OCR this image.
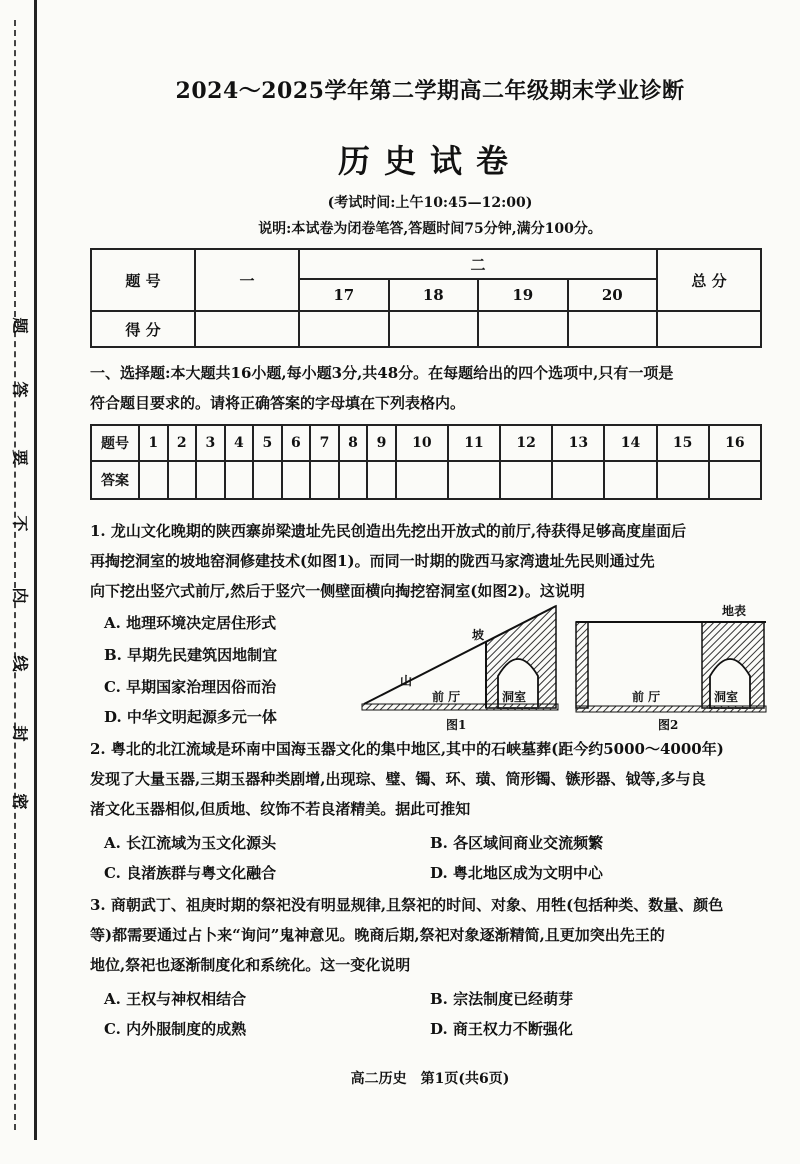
题
答
要
不
内
线
封
密
2024～2025学年第二学期高二年级期末学业诊断
历史试卷
(考试时间:上午10:45—12:00)
说明:本试卷为闭卷笔答,答题时间75分钟,满分100分。
题 号	一	二				总 分
		17	18	19	20	
得 分						
一、选择题:本大题共16小题,每小题3分,共48分。在每题给出的四个选项中,只有一项是
符合题目要求的。请将正确答案的字母填在下列表格内。
题号	1	2	3	4	5	6	7	8	9	10	11	12	13	14	15	16
答案																
1. 龙山文化晚期的陕西寨峁梁遗址先民创造出先挖出开放式的前厅,待获得足够高度崖面后
再掏挖洞室的坡地窑洞修建技术(如图1)。而同一时期的陇西马家湾遗址先民则通过先
向下挖出竖穴式前厅,然后于竖穴一侧壁面横向掏挖窑洞室(如图2)。这说明
A. 地理环境决定居住形式
B. 早期先民建筑因地制宜
C. 早期国家治理因俗而治
D. 中华文明起源多元一体
坡
山
前 厅	洞室
图1
地表
前 厅	洞室
图2
2. 粤北的北江流域是环南中国海玉器文化的集中地区,其中的石峡墓葬(距今约5000～4000年)
发现了大量玉器,三期玉器种类剧增,出现琮、璧、镯、环、璜、筒形镯、镞形器、钺等,多与良
渚文化玉器相似,但质地、纹饰不若良渚精美。据此可推知
A. 长江流域为玉文化源头	B. 各区域间商业交流频繁
C. 良渚族群与粤文化融合	D. 粤北地区成为文明中心
3. 商朝武丁、祖庚时期的祭祀没有明显规律,且祭祀的时间、对象、用牲(包括种类、数量、颜色
等)都需要通过占卜来“询问”鬼神意见。晚商后期,祭祀对象逐渐精简,且更加突出先王的
地位,祭祀也逐渐制度化和系统化。这一变化说明
A. 王权与神权相结合	B. 宗法制度已经萌芽
C. 内外服制度的成熟	D. 商王权力不断强化
高二历史　第1页(共6页)
